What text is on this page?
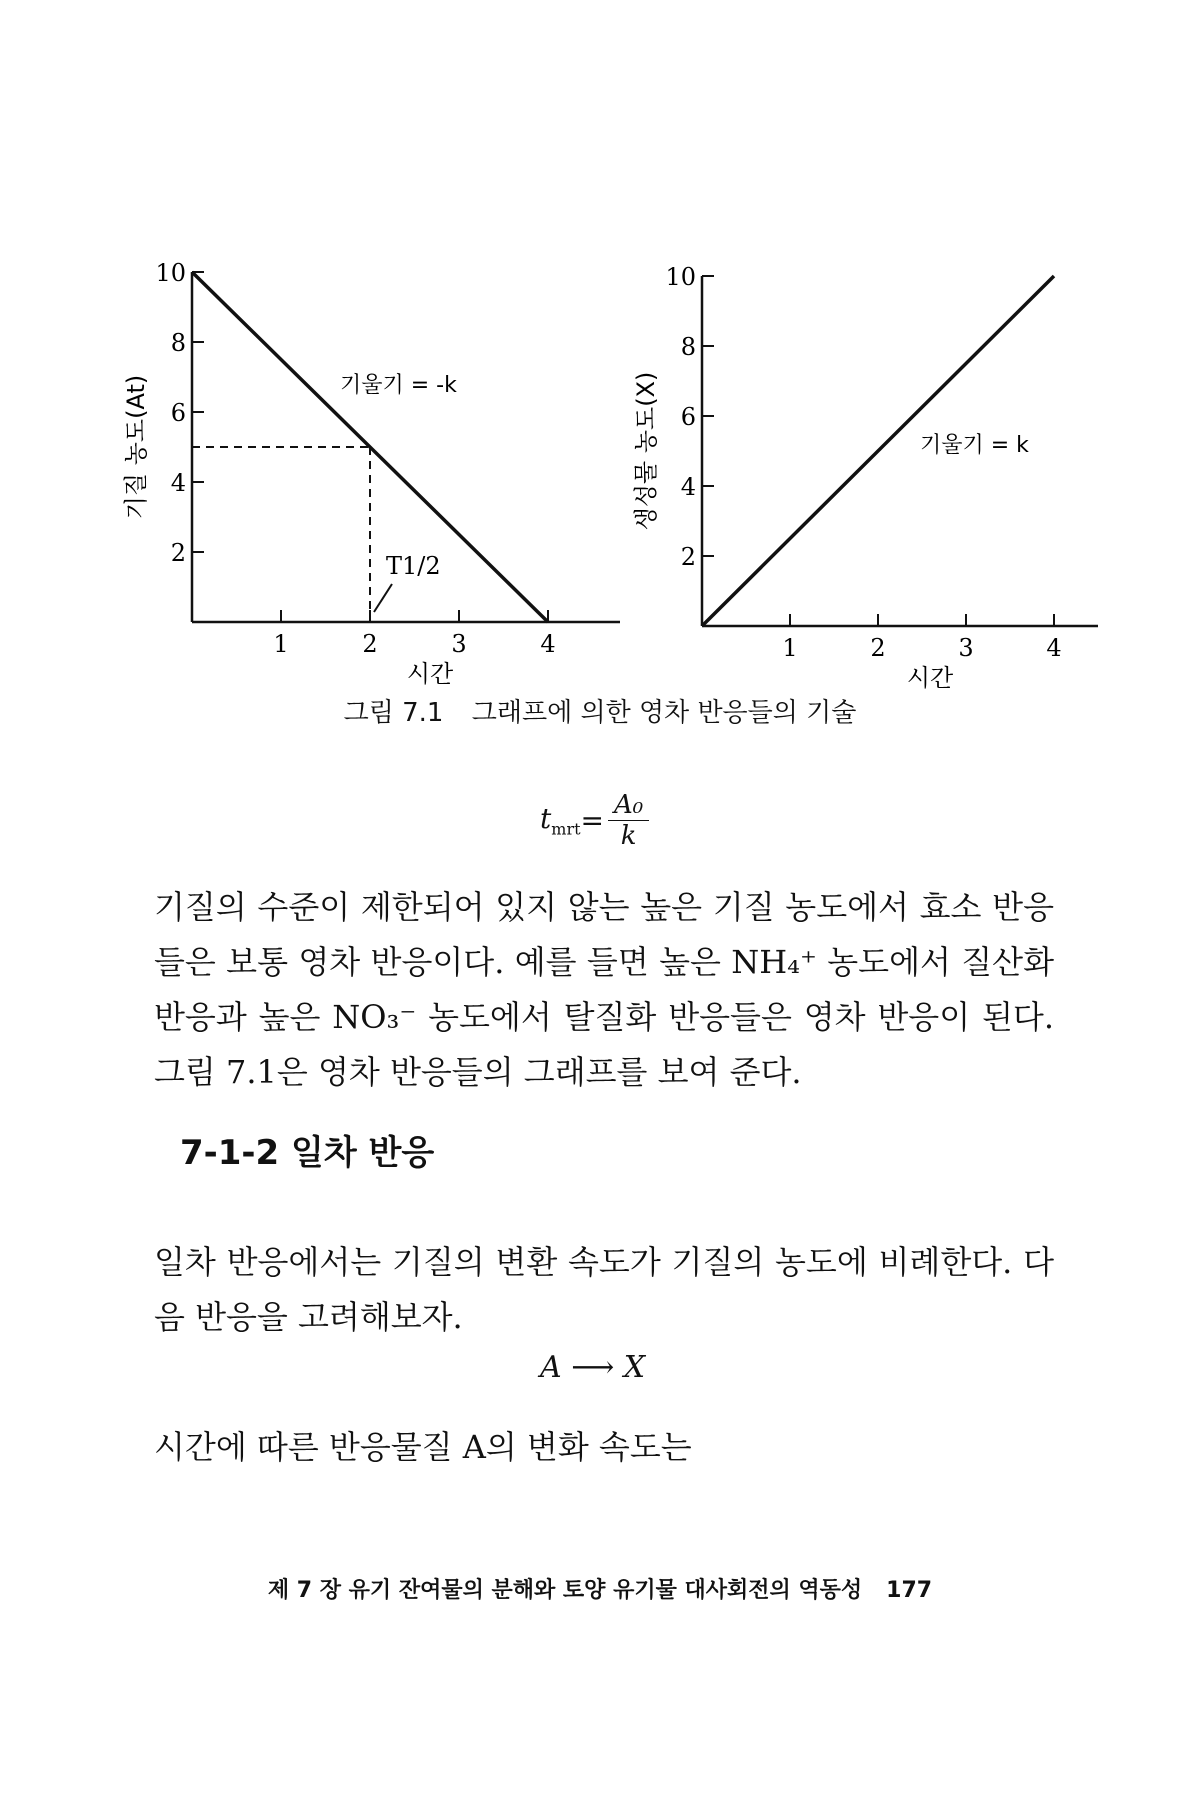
2
4
6
8
10
1	2	3	4
시간
기질 농도(At)	기울기 = -k
T1/2	2
4
6
8
10
1	2	3	4
시간
생성물 농도(X)	기울기 = k
그림 7.1 그래프에 의한 영차 반응들의 기술
$t_{mrt}= \frac{\text{A₀}}{k}$
기질의 수준이 제한되어 있지 않는 높은 기질 농도에서 효소 반응들은 보통 영차 반응이다. 예를 들면 높은 NH₄⁺ 농도에서 질산화 반응과 높은 NO₃⁻ 농도에서 탈질화 반응들은 영차 반응이 된다. 그림 7.1은 영차 반응들의 그래프를 보여 준다.
7-1-2 일차 반응
일차 반응에서는 기질의 변환 속도가 기질의 농도에 비례한다. 다음 반응을 고려해보자.
A ⟶ X
시간에 따른 반응물질 A의 변화 속도는
제 7 장 유기 잔여물의 분해와 토양 유기물 대사회전의 역동성 177
